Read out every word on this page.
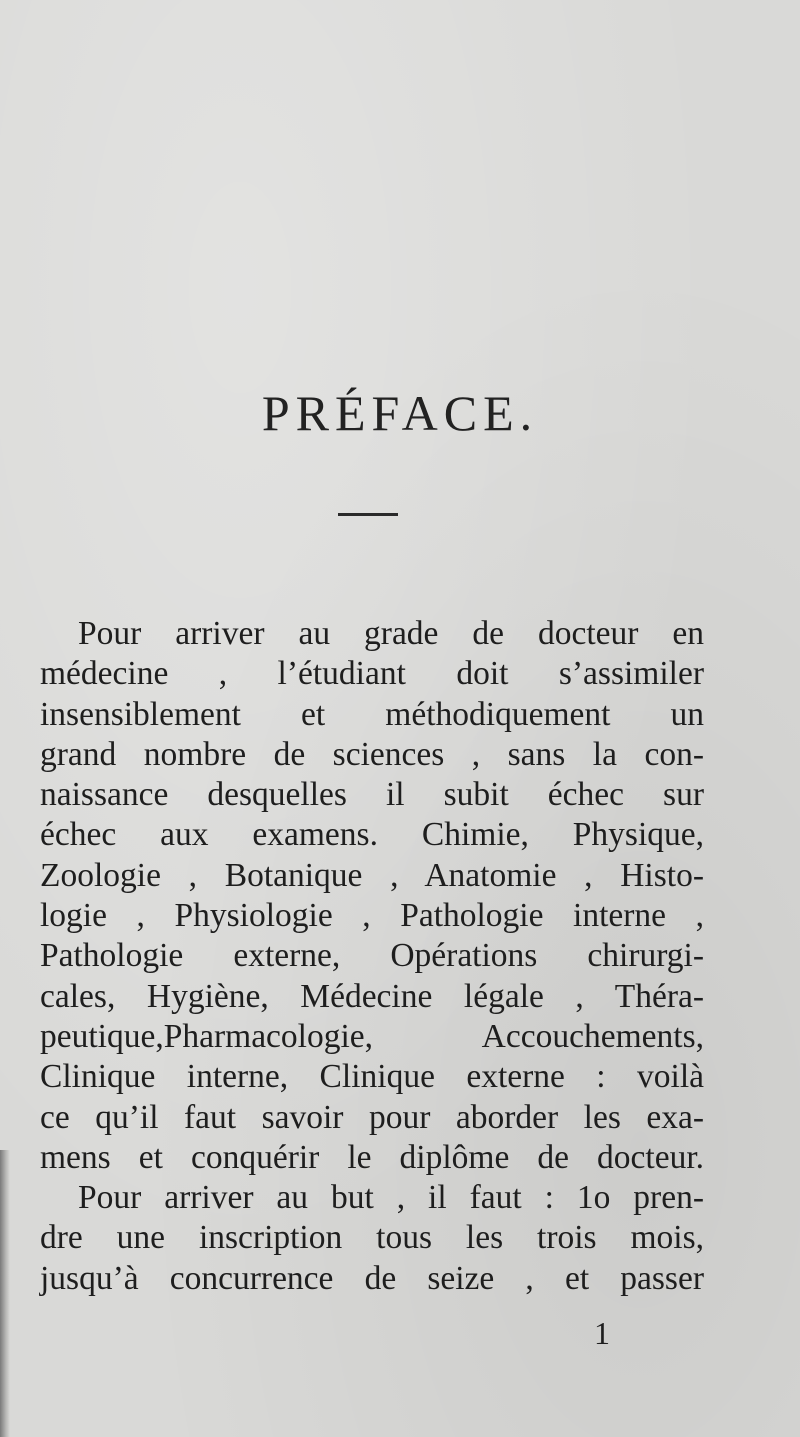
PRÉFACE.
Pour arriver au grade de docteur en
médecine , l’étudiant doit s’assimiler
insensiblement et méthodiquement un
grand nombre de sciences , sans la con-
naissance desquelles il subit échec sur
échec aux examens. Chimie, Physique,
Zoologie , Botanique , Anatomie , Histo-
logie , Physiologie , Pathologie interne ,
Pathologie externe, Opérations chirurgi-
cales, Hygiène, Médecine légale , Théra-
peutique,Pharmacologie, Accouchements,
Clinique interne, Clinique externe : voilà
ce qu’il faut savoir pour aborder les exa-
mens et conquérir le diplôme de docteur.
Pour arriver au but , il faut : 1o pren-
dre une inscription tous les trois mois,
jusqu’à concurrence de seize , et passer
1
